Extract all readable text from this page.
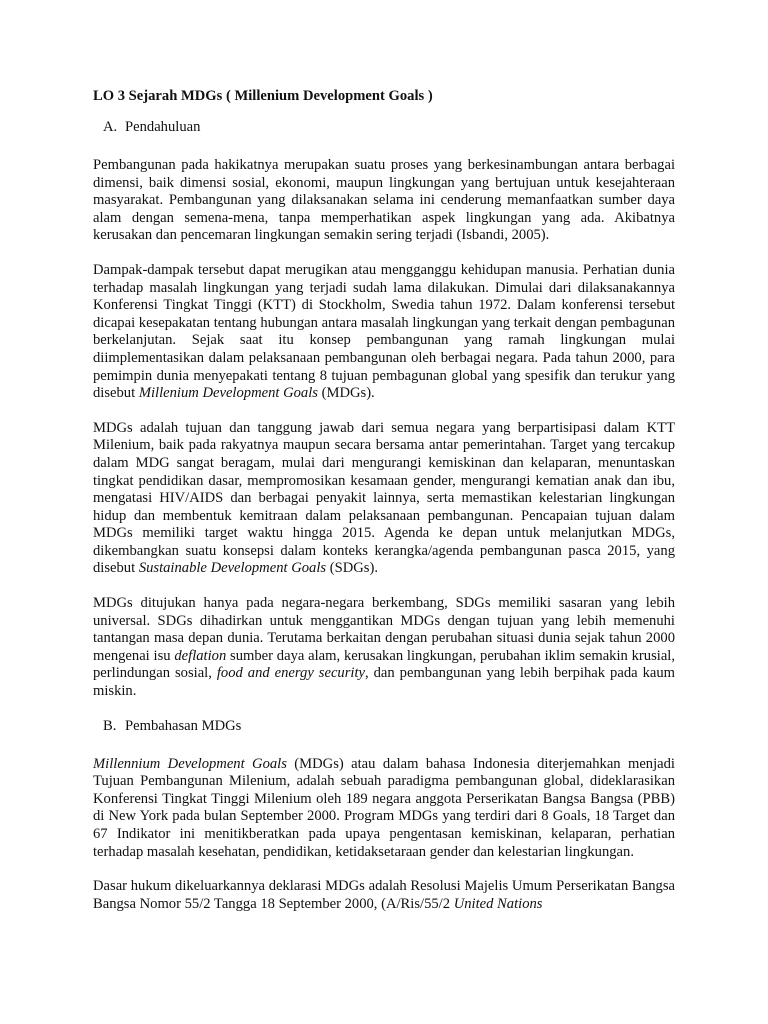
LO 3 Sejarah MDGs ( Millenium Development Goals )
A. Pendahuluan

Pembangunan pada hakikatnya merupakan suatu proses yang berkesinambungan antara berbagai dimensi, baik dimensi sosial, ekonomi, maupun lingkungan yang bertujuan untuk kesejahteraan masyarakat. Pembangunan yang dilaksanakan selama ini cenderung memanfaatkan sumber daya alam dengan semena-mena, tanpa memperhatikan aspek lingkungan yang ada. Akibatnya kerusakan dan pencemaran lingkungan semakin sering terjadi (Isbandi, 2005).

Dampak-dampak tersebut dapat merugikan atau mengganggu kehidupan manusia. Perhatian dunia terhadap masalah lingkungan yang terjadi sudah lama dilakukan. Dimulai dari dilaksanakannya Konferensi Tingkat Tinggi (KTT) di Stockholm, Swedia tahun 1972. Dalam konferensi tersebut dicapai kesepakatan tentang hubungan antara masalah lingkungan yang terkait dengan pembagunan berkelanjutan. Sejak saat itu konsep pembangunan yang ramah lingkungan mulai diimplementasikan dalam pelaksanaan pembangunan oleh berbagai negara. Pada tahun 2000, para pemimpin dunia menyepakati tentang 8 tujuan pembagunan global yang spesifik dan terukur yang disebut Millenium Development Goals (MDGs).

MDGs adalah tujuan dan tanggung jawab dari semua negara yang berpartisipasi dalam KTT Milenium, baik pada rakyatnya maupun secara bersama antar pemerintahan. Target yang tercakup dalam MDG sangat beragam, mulai dari mengurangi kemiskinan dan kelaparan, menuntaskan tingkat pendidikan dasar, mempromosikan kesamaan gender, mengurangi kematian anak dan ibu, mengatasi HIV/AIDS dan berbagai penyakit lainnya, serta memastikan kelestarian lingkungan hidup dan membentuk kemitraan dalam pelaksanaan pembangunan. Pencapaian tujuan dalam MDGs memiliki target waktu hingga 2015. Agenda ke depan untuk melanjutkan MDGs, dikembangkan suatu konsepsi dalam konteks kerangka/agenda pembangunan pasca 2015, yang disebut Sustainable Development Goals (SDGs).

MDGs ditujukan hanya pada negara-negara berkembang, SDGs memiliki sasaran yang lebih universal. SDGs dihadirkan untuk menggantikan MDGs dengan tujuan yang lebih memenuhi tantangan masa depan dunia. Terutama berkaitan dengan perubahan situasi dunia sejak tahun 2000 mengenai isu deflation sumber daya alam, kerusakan lingkungan, perubahan iklim semakin krusial, perlindungan sosial, food and energy security, dan pembangunan yang lebih berpihak pada kaum miskin.

B. Pembahasan MDGs

Millennium Development Goals (MDGs) atau dalam bahasa Indonesia diterjemahkan menjadi Tujuan Pembangunan Milenium, adalah sebuah paradigma pembangunan global, dideklarasikan Konferensi Tingkat Tinggi Milenium oleh 189 negara anggota Perserikatan Bangsa Bangsa (PBB) di New York pada bulan September 2000. Program MDGs yang terdiri dari 8 Goals, 18 Target dan 67 Indikator ini menitikberatkan pada upaya pengentasan kemiskinan, kelaparan, perhatian terhadap masalah kesehatan, pendidikan, ketidaksetaraan gender dan kelestarian lingkungan.

Dasar hukum dikeluarkannya deklarasi MDGs adalah Resolusi Majelis Umum Perserikatan Bangsa Bangsa Nomor 55/2 Tangga 18 September 2000, (A/Ris/55/2 United Nations
